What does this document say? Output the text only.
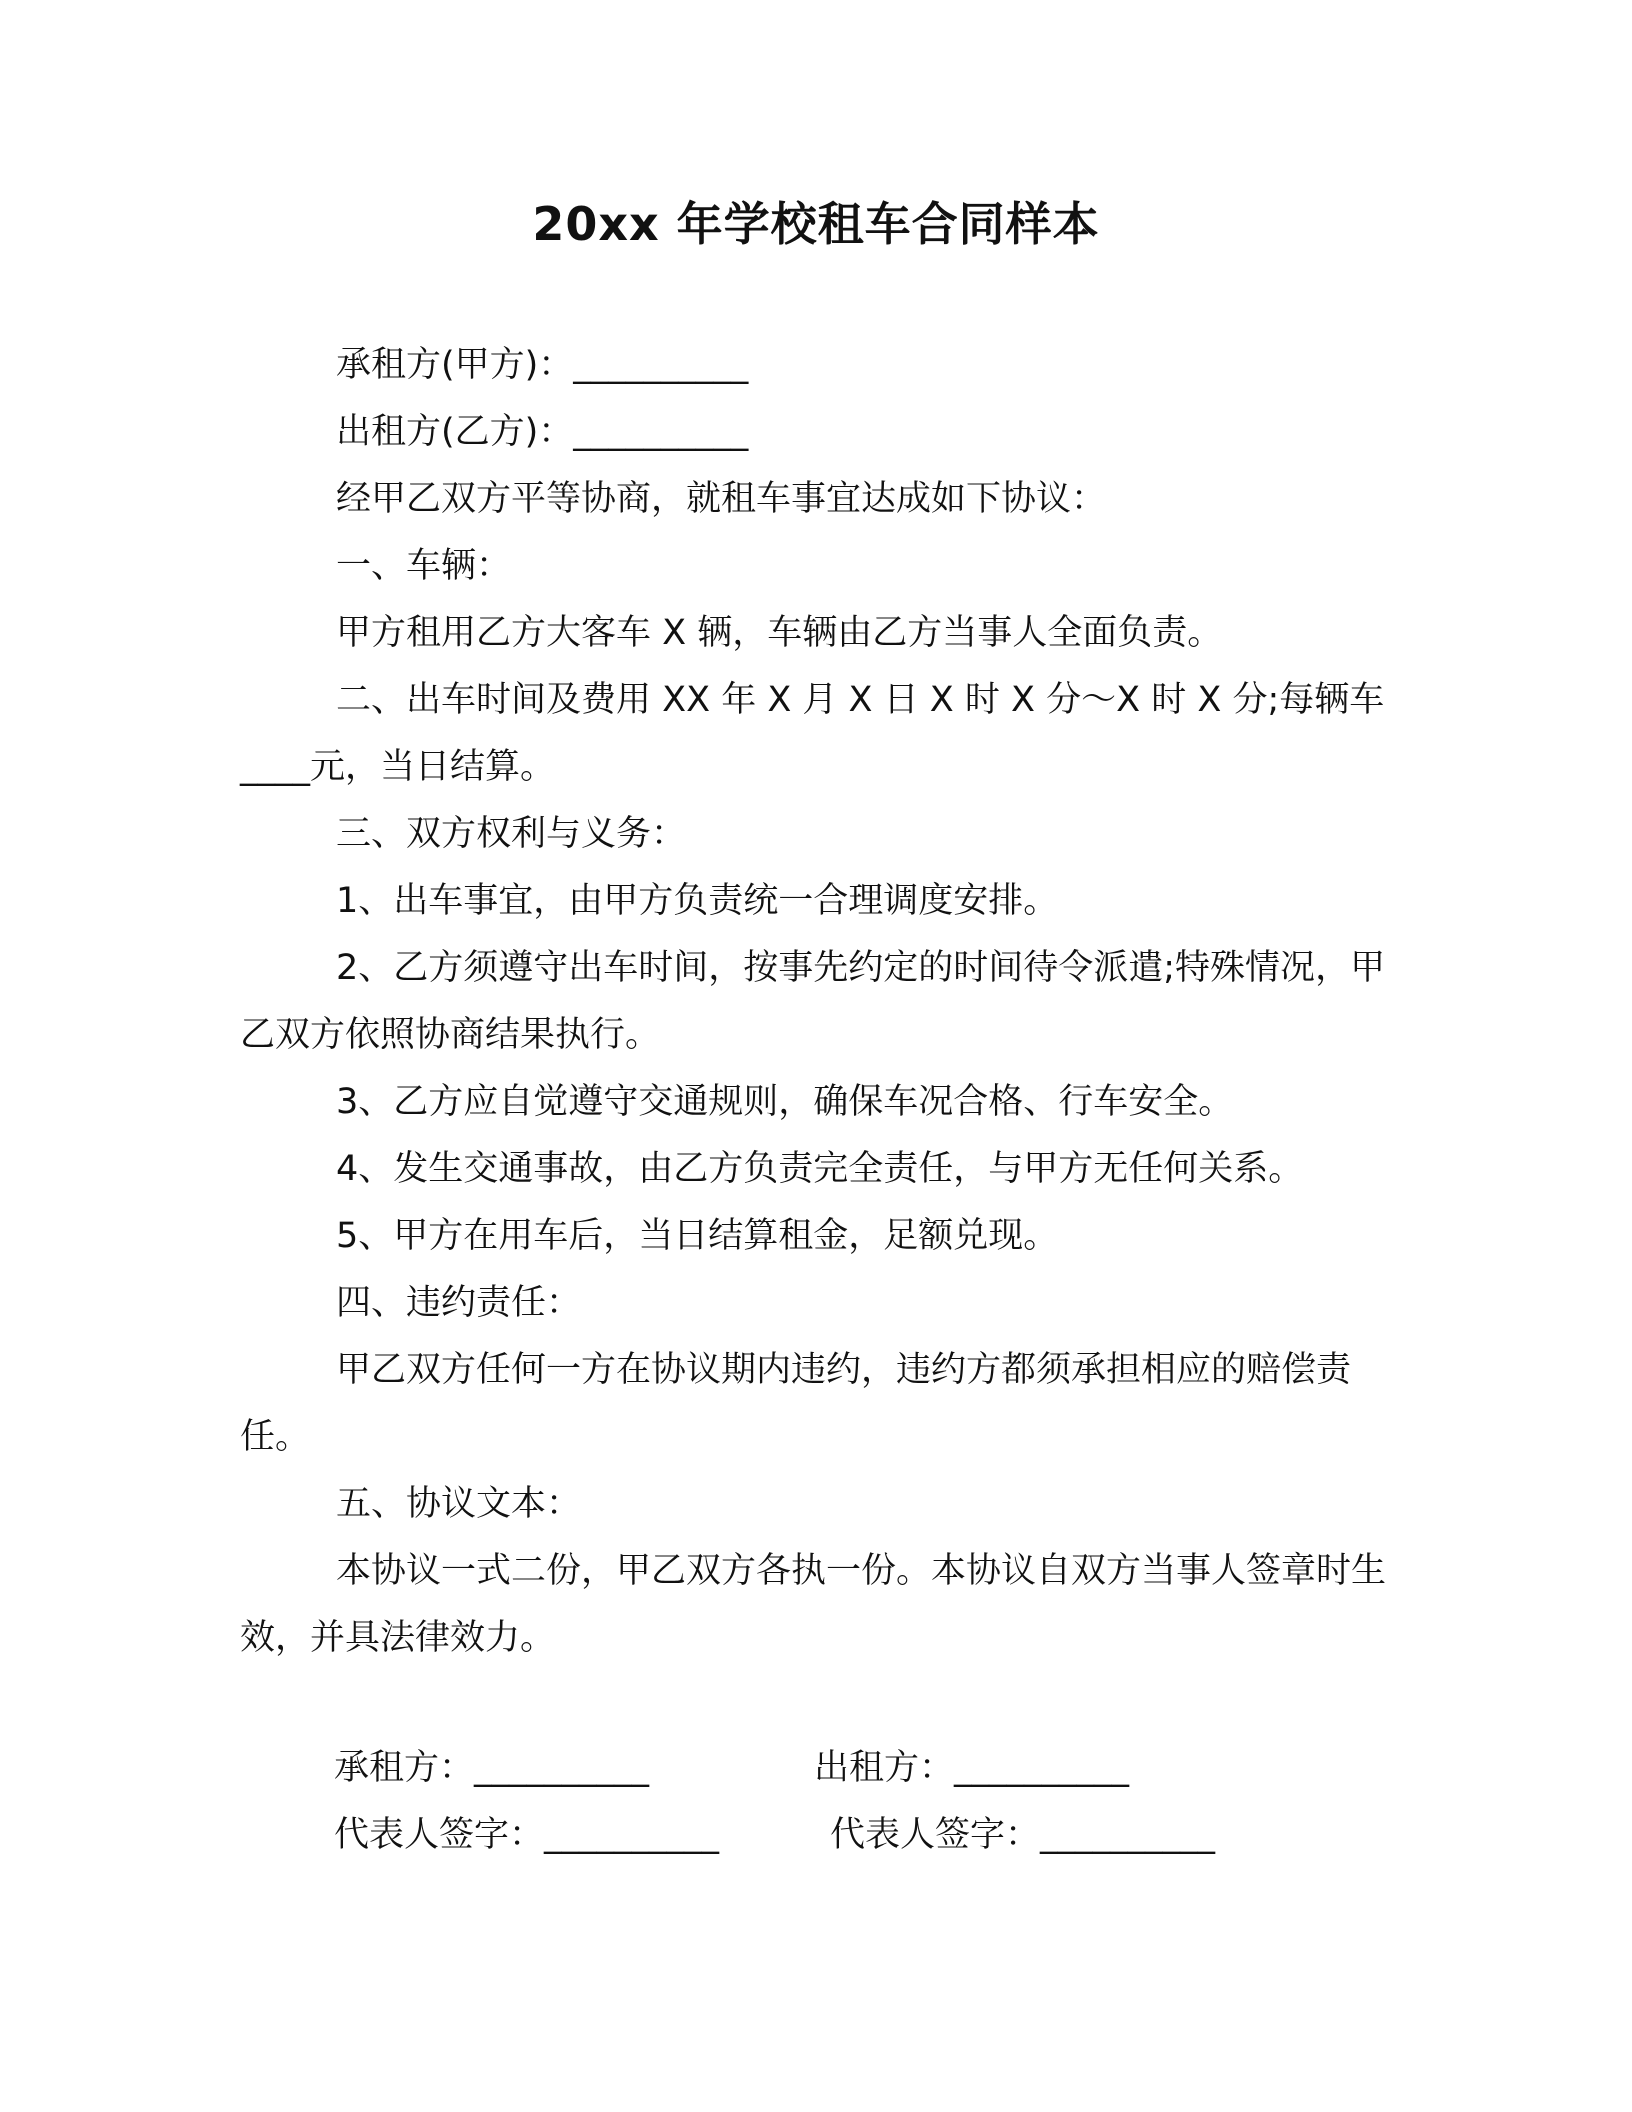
20xx 年学校租车合同样本

承租方(甲方)：__________

出租方(乙方)：__________

经甲乙双方平等协商，就租车事宜达成如下协议：

一、车辆：

甲方租用乙方大客车 X 辆，车辆由乙方当事人全面负责。

二、出车时间及费用 XX 年 X 月 X 日 X 时 X 分～X 时 X 分;每辆车____元，当日结算。

三、双方权利与义务：

1、出车事宜，由甲方负责统一合理调度安排。

2、乙方须遵守出车时间，按事先约定的时间待令派遣;特殊情况，甲乙双方依照协商结果执行。

3、乙方应自觉遵守交通规则，确保车况合格、行车安全。

4、发生交通事故，由乙方负责完全责任，与甲方无任何关系。

5、甲方在用车后，当日结算租金，足额兑现。

四、违约责任：

甲乙双方任何一方在协议期内违约，违约方都须承担相应的赔偿责任。

五、协议文本：

本协议一式二份，甲乙双方各执一份。本协议自双方当事人签章时生效，并具法律效力。

承租方：__________	出租方：__________
代表人签字：__________	代表人签字：__________
